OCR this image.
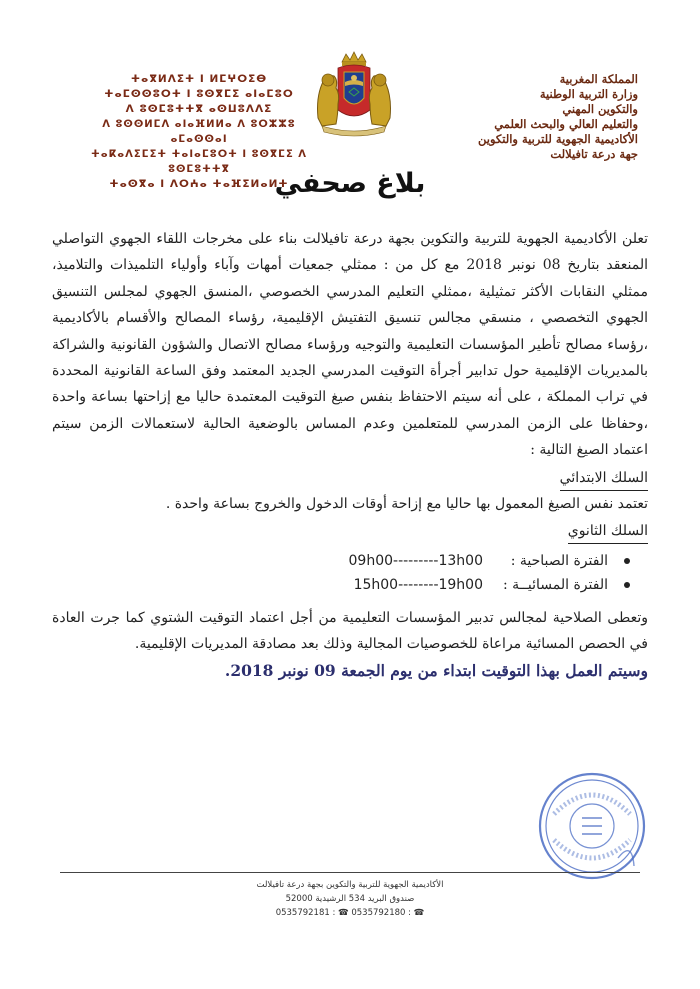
المملكة المغربية
وزارة التربية الوطنية
والتكوين المهني
والتعليم العالي والبحث العلمي
الأكاديمية الجهوية للتربية والتكوين
جهة درعة تافيلالت
ⵜⴰⴳⵍⴷⵉⵜ ⵏ ⵍⵎⵖⵔⵉⴱ
ⵜⴰⵎⵙⵙⵓⵔⵜ ⵏ ⵓⵙⴳⵎⵉ ⴰⵏⴰⵎⵓⵔ
ⴷ ⵓⵙⵎⵓⵜⵜⴳ ⴰⵙⵡⵓⴷⴷⵉ
ⴷ ⵓⵙⵙⵍⵎⴷ ⴰⵏⴰⴼⵍⵍⴰ ⴷ ⵓⵔⵣⵣⵓ ⴰⵎⴰⵙⵙⴰⵏ
ⵜⴰⴽⴰⴷⵉⵎⵉⵜ ⵜⴰⵏⴰⵎⵓⵔⵜ ⵏ ⵓⵙⴳⵎⵉ ⴷ ⵓⵙⵎⵓⵜⵜⴳ
ⵜⴰⵙⴳⴰ ⵏ ⴷⵔⵄⴰ ⵜⴰⴼⵉⵍⴰⵍⵜ
بلاغ صحفي

تعلن الأكاديمية الجهوية للتربية والتكوين بجهة درعة تافيلالت بناء على مخرجات اللقاء الجهوي التواصلي المنعقد بتاريخ 08 نونبر 2018 مع كل من : ممثلي جمعيات أمهات وآباء وأولياء التلميذات والتلاميذ، ممثلي النقابات الأكثر تمثيلية ،ممثلي التعليم المدرسي الخصوصي ،المنسق الجهوي لمجلس التنسيق الجهوي التخصصي ، منسقي مجالس تنسيق التفتيش الإقليمية، رؤساء المصالح والأقسام بالأكاديمية ،رؤساء مصالح تأطير المؤسسات التعليمية والتوجيه ورؤساء مصالح الاتصال والشؤون القانونية والشراكة بالمديريات الإقليمية حول تدابير أجرأة التوقيت المدرسي الجديد المعتمد وفق الساعة القانونية المحددة في تراب المملكة ، على أنه سيتم الاحتفاظ بنفس صيغ التوقيت المعتمدة حاليا مع إزاحتها بساعة واحدة ،وحفاظا على الزمن المدرسي للمتعلمين وعدم المساس بالوضعية الحالية لاستعمالات الزمن سيتم اعتماد الصيغ التالية :

السلك الابتدائي

تعتمد نفس الصيغ المعمول بها حاليا مع إزاحة أوقات الدخول والخروج بساعة واحدة .

السلك الثانوي
الفترة الصباحية :
09h00---------13h00
الفترة المسائيــة :
15h00--------19h00

وتعطى الصلاحية لمجالس تدبير المؤسسات التعليمية من أجل اعتماد التوقيت الشتوي كما جرت العادة في الحصص المسائية مراعاة للخصوصيات المجالية وذلك بعد مصادقة المديريات الإقليمية.

وسيتم العمل بهذا التوقيت ابتداء من يوم الجمعة 09 نونبر 2018.

الأكاديمية الجهوية للتربية والتكوين بجهة درعة تافيلالت
صندوق البريد 534 الرشيدية 52000
0535792181 : ☎ 0535792180 : ☎
